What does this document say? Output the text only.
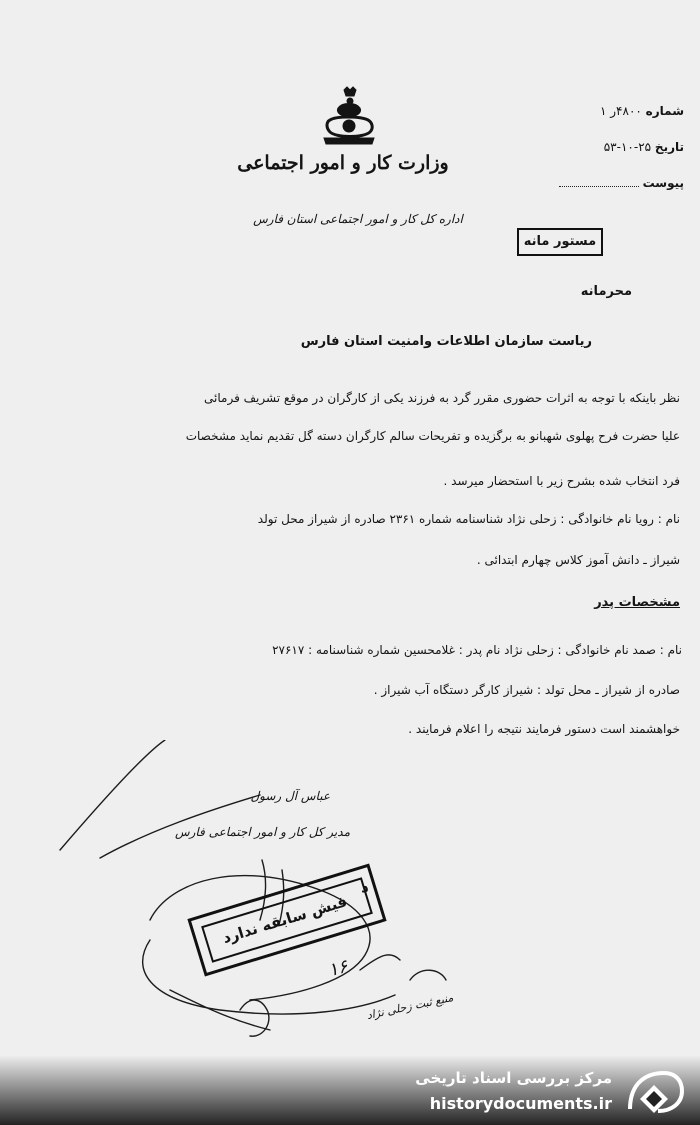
وزارت کار و امور اجتماعی
اداره کل کار و امور اجتماعی استان فارس
شماره ۴۸۰۰ر ۱
تاریخ ۲۵-۱۰-۵۳
پیوست
مستور مانه
محرمانه
ریاست سازمان اطلاعات وامنیت استان فارس
نظر باینکه با توجه به اثرات حضوری مقرر گرد به فرزند یکی از کارگران در موقع تشریف فرمائی
علیا حضرت فرح پهلوی شهبانو به برگزیده و تفریحات سالم کارگران دسته گل تقدیم نماید مشخصات
فرد انتخاب شده بشرح زیر با استحضار میرسد .
نام : رویا نام خانوادگی : زحلی نژاد شناسنامه شماره ۲۳۶۱ صادره از شیراز محل تولد
شیراز ـ دانش آموز کلاس چهارم ابتدائی .
مشخصات پدر
نام : صمد نام خانوادگی : زحلی نژاد نام پدر : غلامحسین شماره شناسنامه : ۲۷۶۱۷
صادره از شیراز ـ محل تولد : شیراز کارگر دستگاه آب شیراز .
خواهشمند است دستور فرمایند نتیجه را اعلام فرمایند .
عباس آل رسول
مدیر کل کار و امور اجتماعی فارس
فیش سابقه ندارد
د
۱۶
منبع ثبت زحلی نژاد
مرکز بررسی اسناد تاریخی
historydocuments.ir
